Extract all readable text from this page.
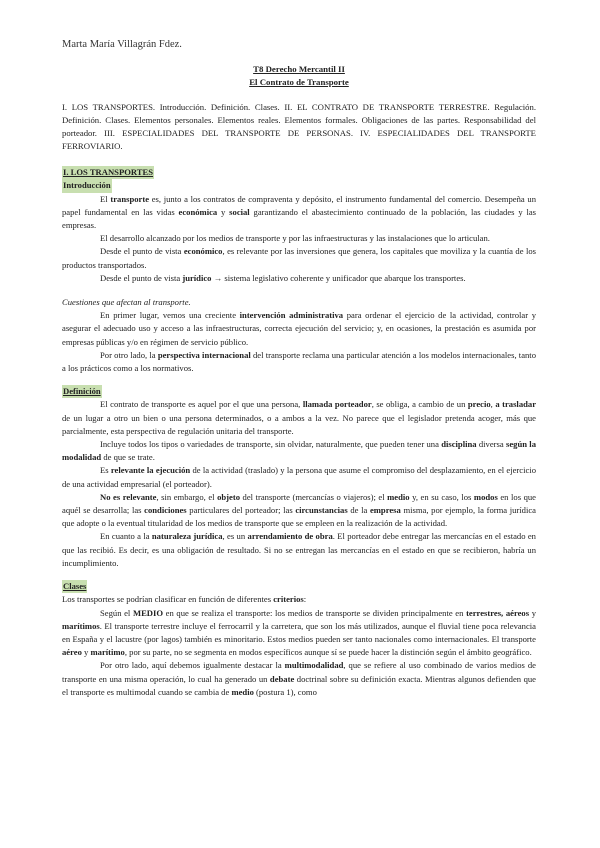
Marta María Villagrán Fdez.
T8 Derecho Mercantil II
El Contrato de Transporte
I. LOS TRANSPORTES. Introducción. Definición. Clases. II. EL CONTRATO DE TRANSPORTE TERRESTRE. Regulación. Definición. Clases. Elementos personales. Elementos reales. Elementos formales. Obligaciones de las partes. Responsabilidad del porteador. III. ESPECIALIDADES DEL TRANSPORTE DE PERSONAS. IV. ESPECIALIDADES DEL TRANSPORTE FERROVIARIO.
I. LOS TRANSPORTES
Introducción

El transporte es, junto a los contratos de compraventa y depósito, el instrumento fundamental del comercio. Desempeña un papel fundamental en las vidas económica y social garantizando el abastecimiento continuado de la población, las ciudades y las empresas.

El desarrollo alcanzado por los medios de transporte y por las infraestructuras y las instalaciones que lo articulan.

Desde el punto de vista económico, es relevante por las inversiones que genera, los capitales que moviliza y la cuantía de los productos transportados.

Desde el punto de vista jurídico → sistema legislativo coherente y unificador que abarque los transportes.

Cuestiones que afectan al transporte.

En primer lugar, vemos una creciente intervención administrativa para ordenar el ejercicio de la actividad, controlar y asegurar el adecuado uso y acceso a las infraestructuras, correcta ejecución del servicio; y, en ocasiones, la prestación es asumida por empresas públicas y/o en régimen de servicio público.

Por otro lado, la perspectiva internacional del transporte reclama una particular atención a los modelos internacionales, tanto a los prácticos como a los normativos.

Definición

El contrato de transporte es aquel por el que una persona, llamada porteador, se obliga, a cambio de un precio, a trasladar de un lugar a otro un bien o una persona determinados, o a ambos a la vez. No parece que el legislador pretenda acoger, más que parcialmente, esta perspectiva de regulación unitaria del transporte.

Incluye todos los tipos o variedades de transporte, sin olvidar, naturalmente, que pueden tener una disciplina diversa según la modalidad de que se trate.

Es relevante la ejecución de la actividad (traslado) y la persona que asume el compromiso del desplazamiento, en el ejercicio de una actividad empresarial (el porteador).

No es relevante, sin embargo, el objeto del transporte (mercancías o viajeros); el medio y, en su caso, los modos en los que aquél se desarrolla; las condiciones particulares del porteador; las circunstancias de la empresa misma, por ejemplo, la forma jurídica que adopte o la eventual titularidad de los medios de transporte que se empleen en la realización de la actividad.

En cuanto a la naturaleza jurídica, es un arrendamiento de obra. El porteador debe entregar las mercancías en el estado en que las recibió. Es decir, es una obligación de resultado. Si no se entregan las mercancías en el estado en que se recibieron, habría un incumplimiento.

Clases

Los transportes se podrían clasificar en función de diferentes criterios:

Según el MEDIO en que se realiza el transporte: los medios de transporte se dividen principalmente en terrestres, aéreos y marítimos. El transporte terrestre incluye el ferrocarril y la carretera, que son los más utilizados, aunque el fluvial tiene poca relevancia en España y el lacustre (por lagos) también es minoritario. Estos medios pueden ser tanto nacionales como internacionales. El transporte aéreo y marítimo, por su parte, no se segmenta en modos específicos aunque sí se puede hacer la distinción según el ámbito geográfico.

Por otro lado, aquí debemos igualmente destacar la multimodalidad, que se refiere al uso combinado de varios medios de transporte en una misma operación, lo cual ha generado un debate doctrinal sobre su definición exacta. Mientras algunos defienden que el transporte es multimodal cuando se cambia de medio (postura 1), como
